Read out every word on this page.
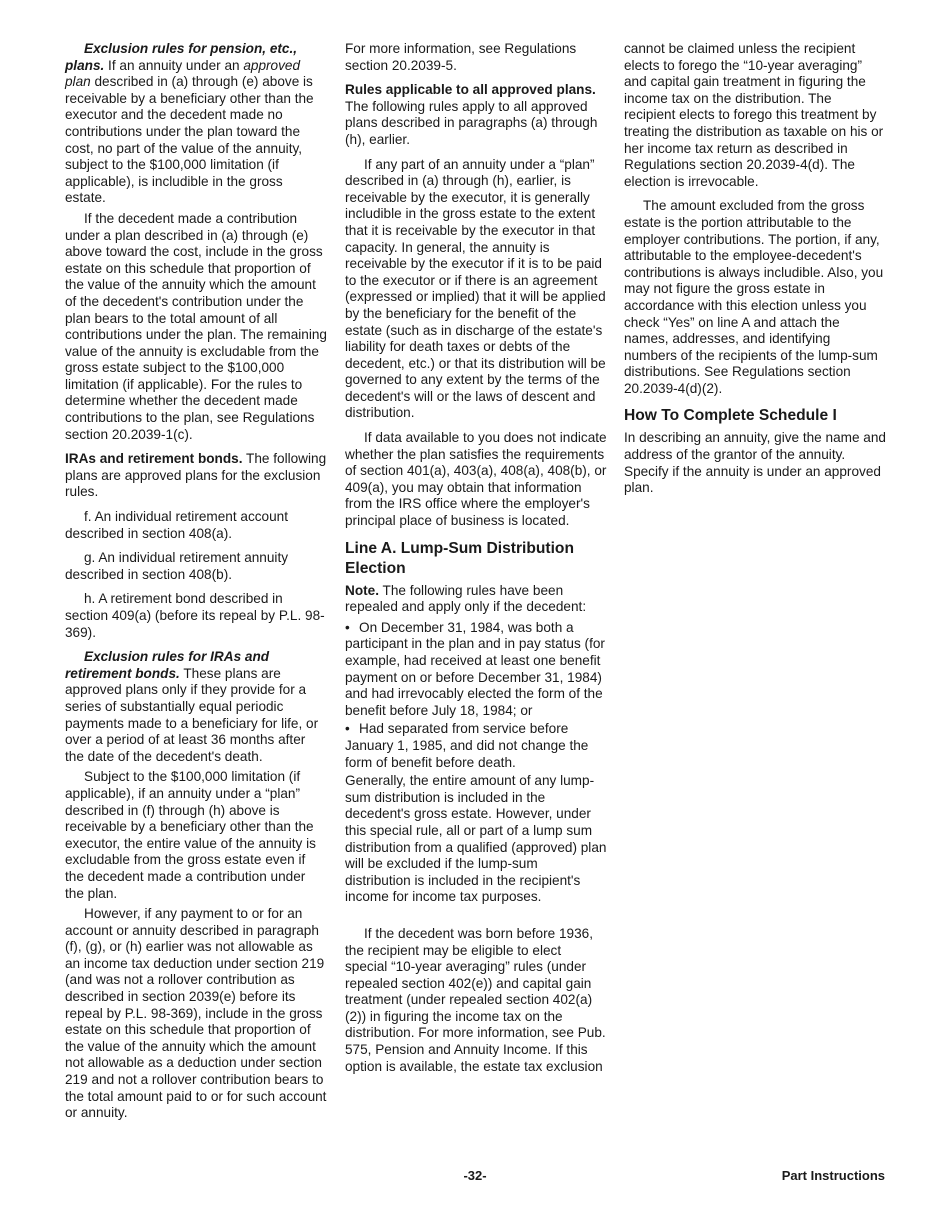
Exclusion rules for pension, etc., plans. If an annuity under an approved plan described in (a) through (e) above is receivable by a beneficiary other than the executor and the decedent made no contributions under the plan toward the cost, no part of the value of the annuity, subject to the $100,000 limitation (if applicable), is includible in the gross estate.

If the decedent made a contribution under a plan described in (a) through (e) above toward the cost, include in the gross estate on this schedule that proportion of the value of the annuity which the amount of the decedent's contribution under the plan bears to the total amount of all contributions under the plan. The remaining value of the annuity is excludable from the gross estate subject to the $100,000 limitation (if applicable). For the rules to determine whether the decedent made contributions to the plan, see Regulations section 20.2039-1(c).

IRAs and retirement bonds. The following plans are approved plans for the exclusion rules.

f. An individual retirement account described in section 408(a).

g. An individual retirement annuity described in section 408(b).

h. A retirement bond described in section 409(a) (before its repeal by P.L. 98-369).

Exclusion rules for IRAs and retirement bonds. These plans are approved plans only if they provide for a series of substantially equal periodic payments made to a beneficiary for life, or over a period of at least 36 months after the date of the decedent's death.

Subject to the $100,000 limitation (if applicable), if an annuity under a “plan” described in (f) through (h) above is receivable by a beneficiary other than the executor, the entire value of the annuity is excludable from the gross estate even if the decedent made a contribution under the plan.

However, if any payment to or for an account or annuity described in paragraph (f), (g), or (h) earlier was not allowable as an income tax deduction under section 219 (and was not a rollover contribution as described in section 2039(e) before its repeal by P.L. 98-369), include in the gross estate on this schedule that proportion of the value of the annuity which the amount not allowable as a deduction under section 219 and not a rollover contribution bears to the total amount paid to or for such account or annuity.

For more information, see Regulations section 20.2039-5.

Rules applicable to all approved plans. The following rules apply to all approved plans described in paragraphs (a) through (h), earlier.

If any part of an annuity under a “plan” described in (a) through (h), earlier, is receivable by the executor, it is generally includible in the gross estate to the extent that it is receivable by the executor in that capacity. In general, the annuity is receivable by the executor if it is to be paid to the executor or if there is an agreement (expressed or implied) that it will be applied by the beneficiary for the benefit of the estate (such as in discharge of the estate's liability for death taxes or debts of the decedent, etc.) or that its distribution will be governed to any extent by the terms of the decedent's will or the laws of descent and distribution.

If data available to you does not indicate whether the plan satisfies the requirements of section 401(a), 403(a), 408(a), 408(b), or 409(a), you may obtain that information from the IRS office where the employer's principal place of business is located.

Line A. Lump-Sum Distribution Election

Note. The following rules have been repealed and apply only if the decedent:

• On December 31, 1984, was both a participant in the plan and in pay status (for example, had received at least one benefit payment on or before December 31, 1984) and had irrevocably elected the form of the benefit before July 18, 1984; or

• Had separated from service before January 1, 1985, and did not change the form of benefit before death.

Generally, the entire amount of any lump-sum distribution is included in the decedent's gross estate. However, under this special rule, all or part of a lump sum distribution from a qualified (approved) plan will be excluded if the lump-sum distribution is included in the recipient's income for income tax purposes.

If the decedent was born before 1936, the recipient may be eligible to elect special “10-year averaging” rules (under repealed section 402(e)) and capital gain treatment (under repealed section 402(a)(2)) in figuring the income tax on the distribution. For more information, see Pub. 575, Pension and Annuity Income. If this option is available, the estate tax exclusion

cannot be claimed unless the recipient elects to forego the “10-year averaging” and capital gain treatment in figuring the income tax on the distribution. The recipient elects to forego this treatment by treating the distribution as taxable on his or her income tax return as described in Regulations section 20.2039-4(d). The election is irrevocable.

The amount excluded from the gross estate is the portion attributable to the employer contributions. The portion, if any, attributable to the employee-decedent's contributions is always includible. Also, you may not figure the gross estate in accordance with this election unless you check “Yes” on line A and attach the names, addresses, and identifying numbers of the recipients of the lump-sum distributions. See Regulations section 20.2039-4(d)(2).

How To Complete Schedule I

In describing an annuity, give the name and address of the grantor of the annuity. Specify if the annuity is under an approved plan.

-32-	Part Instructions
